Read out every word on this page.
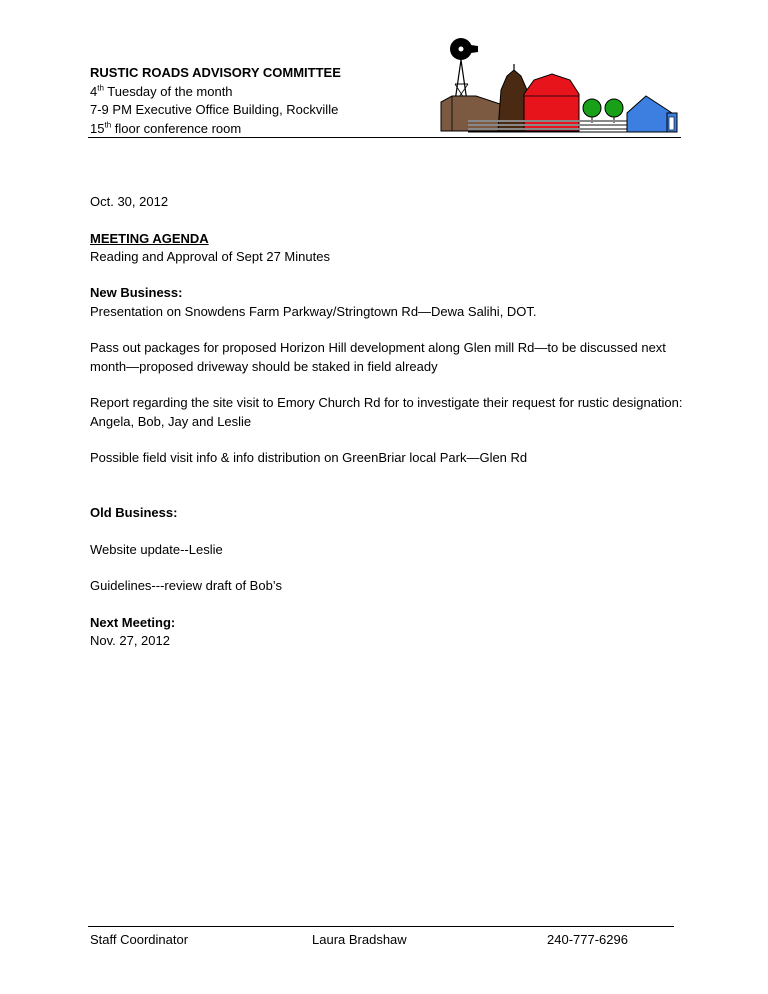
RUSTIC ROADS ADVISORY COMMITTEE
4th Tuesday of the month
7-9 PM Executive Office Building, Rockville
15th floor conference room
Oct. 30, 2012
MEETING AGENDA
Reading and Approval of Sept 27 Minutes
New Business:
Presentation on Snowdens Farm Parkway/Stringtown Rd—Dewa Salihi, DOT.
Pass out packages for proposed Horizon Hill development along Glen mill Rd—to be discussed next month—proposed driveway should be staked in field already
Report regarding the site visit to Emory Church Rd for to investigate their request for rustic designation: Angela, Bob, Jay and Leslie
Possible field visit info & info distribution on GreenBriar local Park—Glen Rd
Old Business:
Website update--Leslie
Guidelines---review draft of Bob’s
Next Meeting:
Nov. 27, 2012
Staff Coordinator	Laura Bradshaw	240-777-6296
